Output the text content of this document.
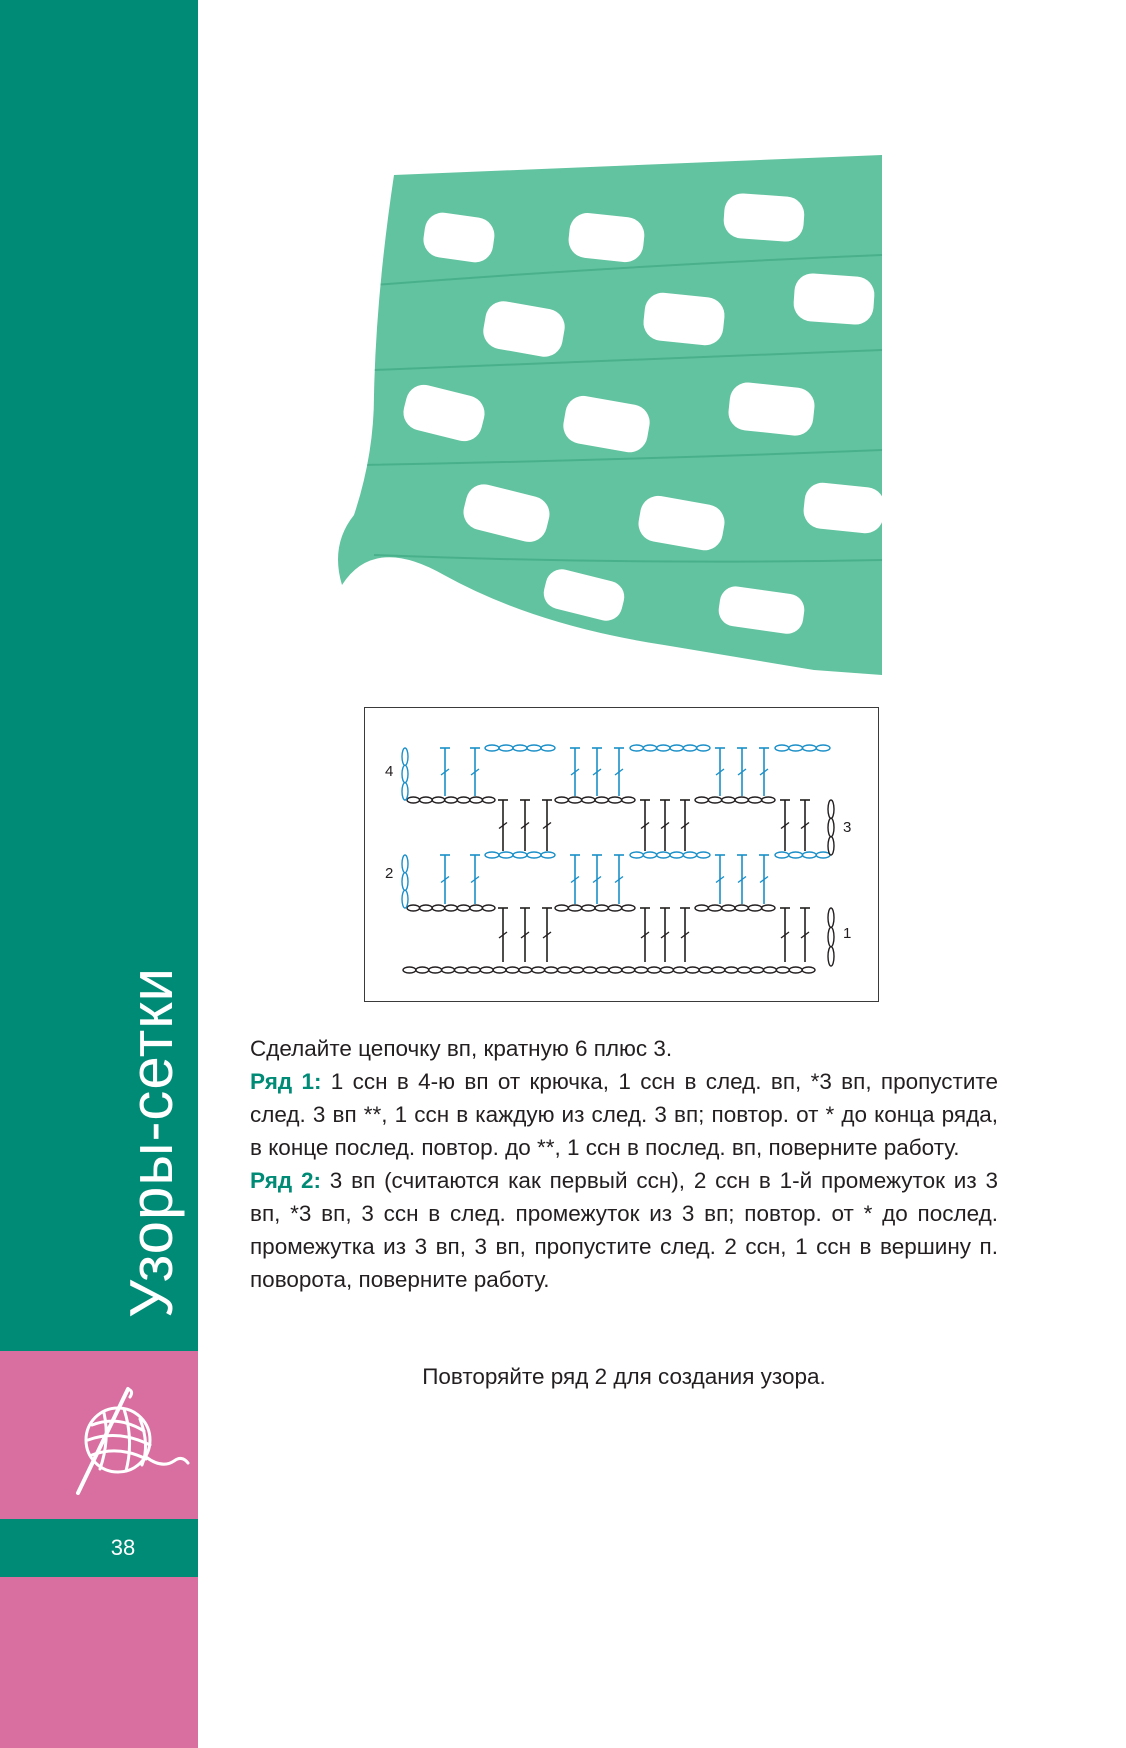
Узоры-сетки
38
4
3
2
1

Сделайте цепочку вп, кратную 6 плюс 3.

Ряд 1: 1 ссн в 4-ю вп от крючка, 1 ссн в след. вп, *3 вп, пропустите след. 3 вп **, 1 ссн в каждую из след. 3 вп; повтор. от * до конца ряда, в конце послед. повтор. до **, 1 ссн в послед. вп, поверните работу.

Ряд 2: 3 вп (считаются как первый ссн), 2 ссн в 1-й промежуток из 3 вп, *3 вп, 3 ссн в след. промежуток из 3 вп; повтор. от * до послед. промежутка из 3 вп, 3 вп, пропустите след. 2 ссн, 1 ссн в вершину п. поворота, поверните работу.

Повторяйте ряд 2 для создания узора.
